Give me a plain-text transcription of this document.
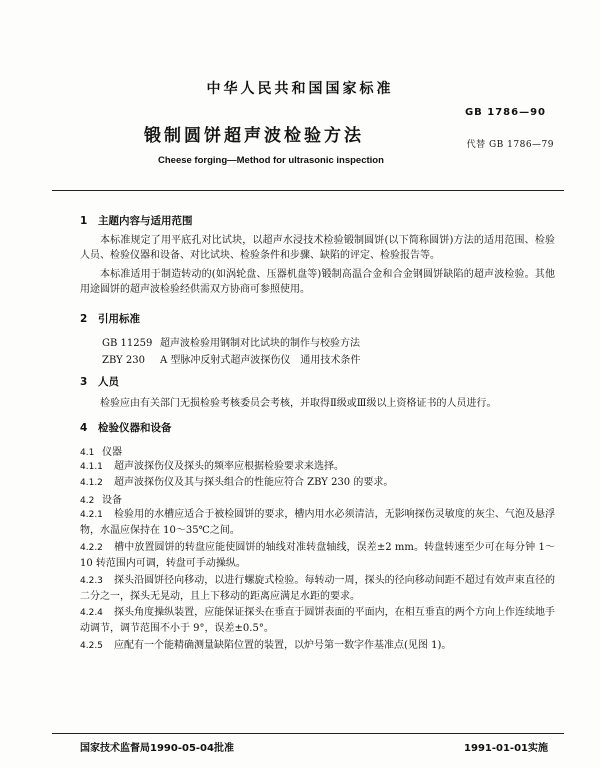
中华人民共和国国家标准
GB 1786—90
锻制圆饼超声波检验方法	代替 GB 1786—79
Cheese forging—Method for ultrasonic inspection
1 主题内容与适用范围
本标准规定了用平底孔对比试块，以超声水浸技术检验锻制圆饼(以下简称圆饼)方法的适用范围、检验人员、检验仪器和设备、对比试块、检验条件和步骤、缺陷的评定、检验报告等。
本标准适用于制造转动的(如涡轮盘、压器机盘等)锻制高温合金和合金钢圆饼缺陷的超声波检验。其他用途圆饼的超声波检验经供需双方协商可参照使用。
2 引用标准
GB 11259 超声波检验用钢制对比试块的制作与校验方法
ZBY 230 A 型脉冲反射式超声波探伤仪　通用技术条件
3 人员
检验应由有关部门无损检验考核委员会考核，并取得Ⅱ级或Ⅲ级以上资格证书的人员进行。
4 检验仪器和设备
4.1 仪器
4.1.1 超声波探伤仪及探头的频率应根据检验要求来选择。
4.1.2 超声波探伤仪及其与探头组合的性能应符合 ZBY 230 的要求。
4.2 设备
4.2.1 检验用的水槽应适合于被检圆饼的要求，槽内用水必须清洁，无影响探伤灵敏度的灰尘、气泡及悬浮物，水温应保持在 10～35℃之间。
4.2.2 槽中放置圆饼的转盘应能使圆饼的轴线对准转盘轴线，误差±2 mm。转盘转速至少可在每分钟 1～10 转范围内可调，转盘可手动操纵。
4.2.3 探头沿圆饼径向移动，以进行螺旋式检验。每转动一周，探头的径向移动间距不超过有效声束直径的二分之一，探头无晃动，且上下移动的距离应满足水距的要求。
4.2.4 探头角度操纵装置，应能保证探头在垂直于圆饼表面的平面内，在相互垂直的两个方向上作连续地手动调节，调节范围不小于 9°，误差±0.5°。
4.2.5 应配有一个能精确测量缺陷位置的装置，以炉号第一数字作基准点(见图 1)。
国家技术监督局1990-05-04批准	1991-01-01实施
